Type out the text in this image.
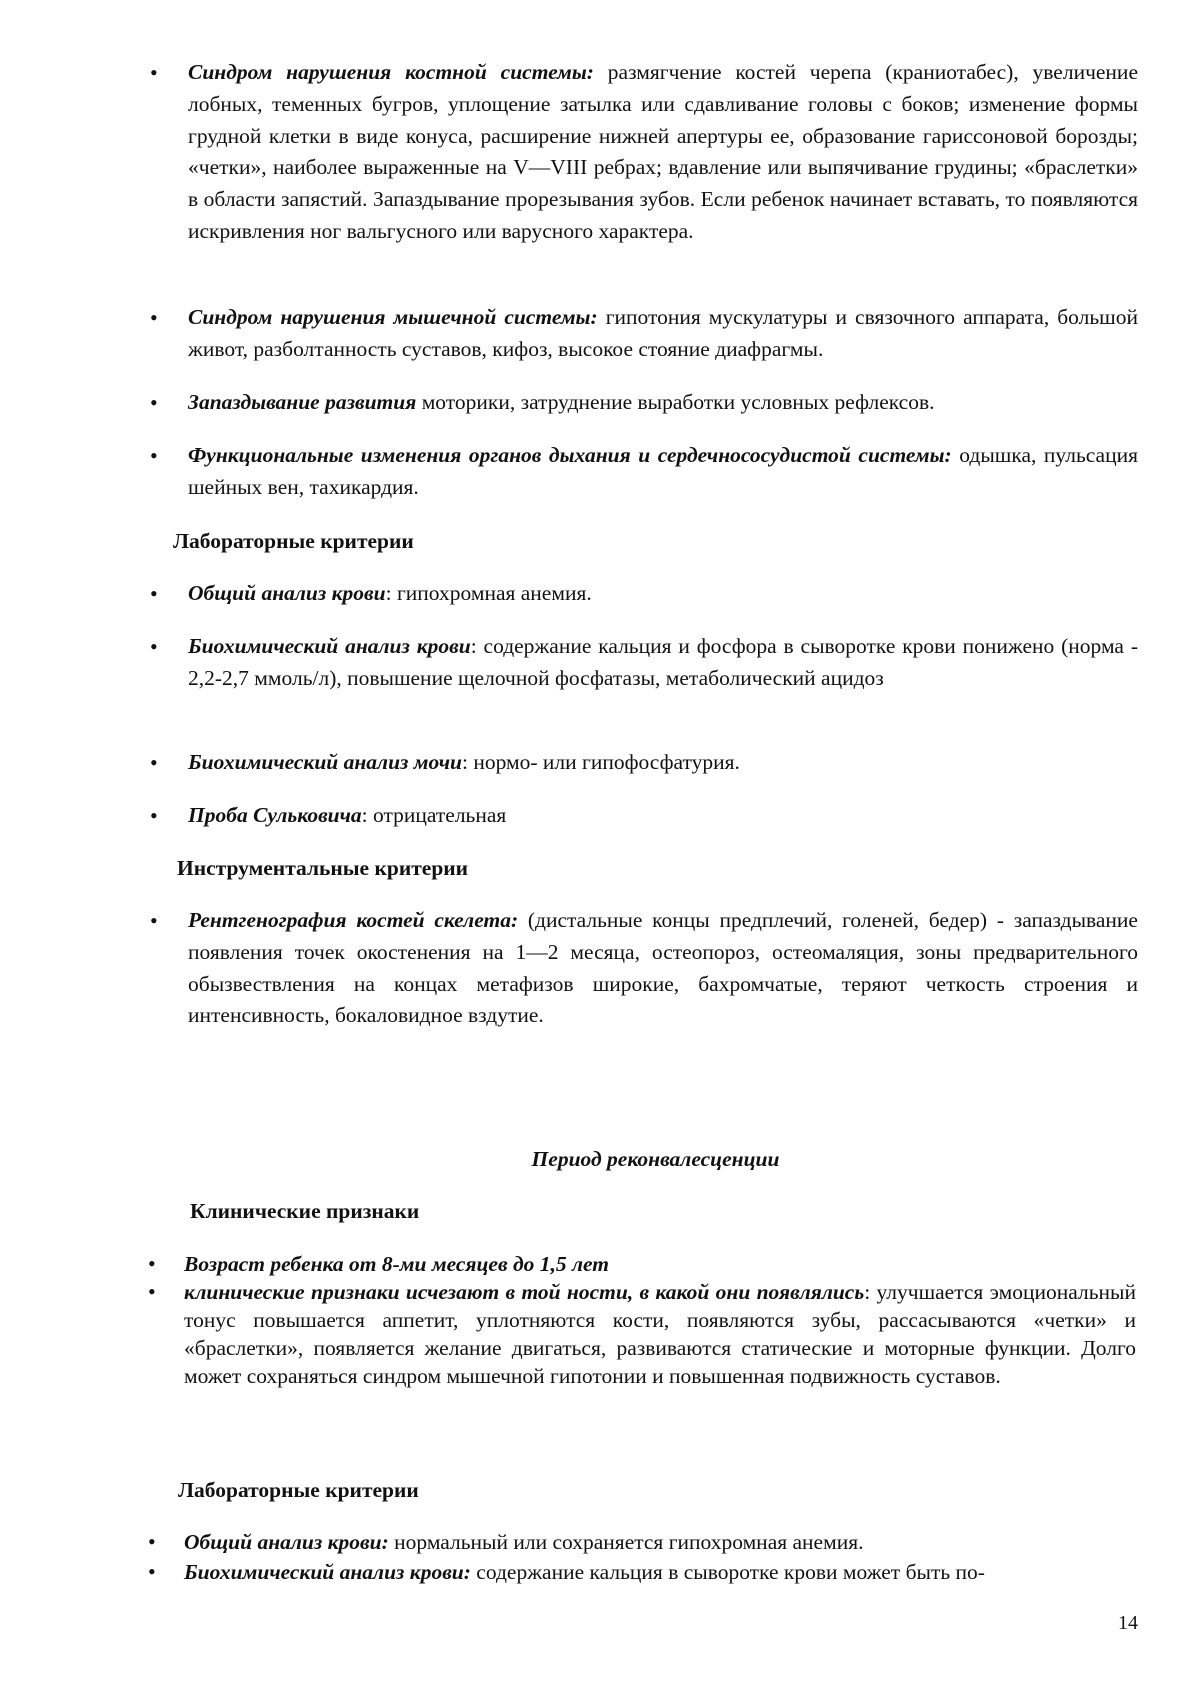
• Синдром нарушения костной системы: размягчение костей черепа (краниотабес), увеличение лобных, теменных бугров, уплощение затылка или сдавливание головы с боков; изменение формы грудной клетки в виде конуса, расширение нижней апертуры ее, образование гариссоновой борозды; «четки», наиболее выраженные на V—VIII ребрах; вдавление или выпячивание грудины; «браслетки» в области запястий. Запаздывание прорезывания зубов. Если ребенок начинает вставать, то появляются искривления ног вальгусного или варусного характера.

• Синдром нарушения мышечной системы: гипотония мускулатуры и связочного аппарата, большой живот, разболтанность суставов, кифоз, высокое стояние диафрагмы.

• Запаздывание развития моторики, затруднение выработки условных рефлексов.

• Функциональные изменения органов дыхания и сердечнососудистой системы: одышка, пульсация шейных вен, тахикардия.

Лабораторные критерии
• Общий анализ крови: гипохромная анемия.

• Биохимический анализ крови: содержание кальция и фосфора в сыворотке крови понижено (норма - 2,2-2,7 ммоль/л), повышение щелочной фосфатазы, метаболический ацидоз

• Биохимический анализ мочи: нормо- или гипофосфатурия.

• Проба Сульковича: отрицательная

Инструментальные критерии
• Рентгенография костей скелета: (дистальные концы предплечий, голеней, бедер) - запаздывание появления точек окостенения на 1—2 месяца, остеопороз, остеомаляция, зоны предварительного обызвествления на концах метафизов широкие, бахромчатые, теряют четкость строения и интенсивность, бокаловидное вздутие.

Период реконвалесценции
Клинические признаки
• Возраст ребенка от 8-ми месяцев до 1,5 лет

• клинические признаки исчезают в той ности, в какой они появлялись: улучшается эмоциональный тонус повышается аппетит, уплотняются кости, появляются зубы, рассасываются «четки» и «браслетки», появляется желание двигаться, развиваются статические и моторные функции. Долго может сохраняться синдром мышечной гипотонии и повышенная подвижность суставов.

Лабораторные критерии
• Общий анализ крови: нормальный или сохраняется гипохромная анемия.

• Биохимический анализ крови: содержание кальция в сыворотке крови может быть по-

14
